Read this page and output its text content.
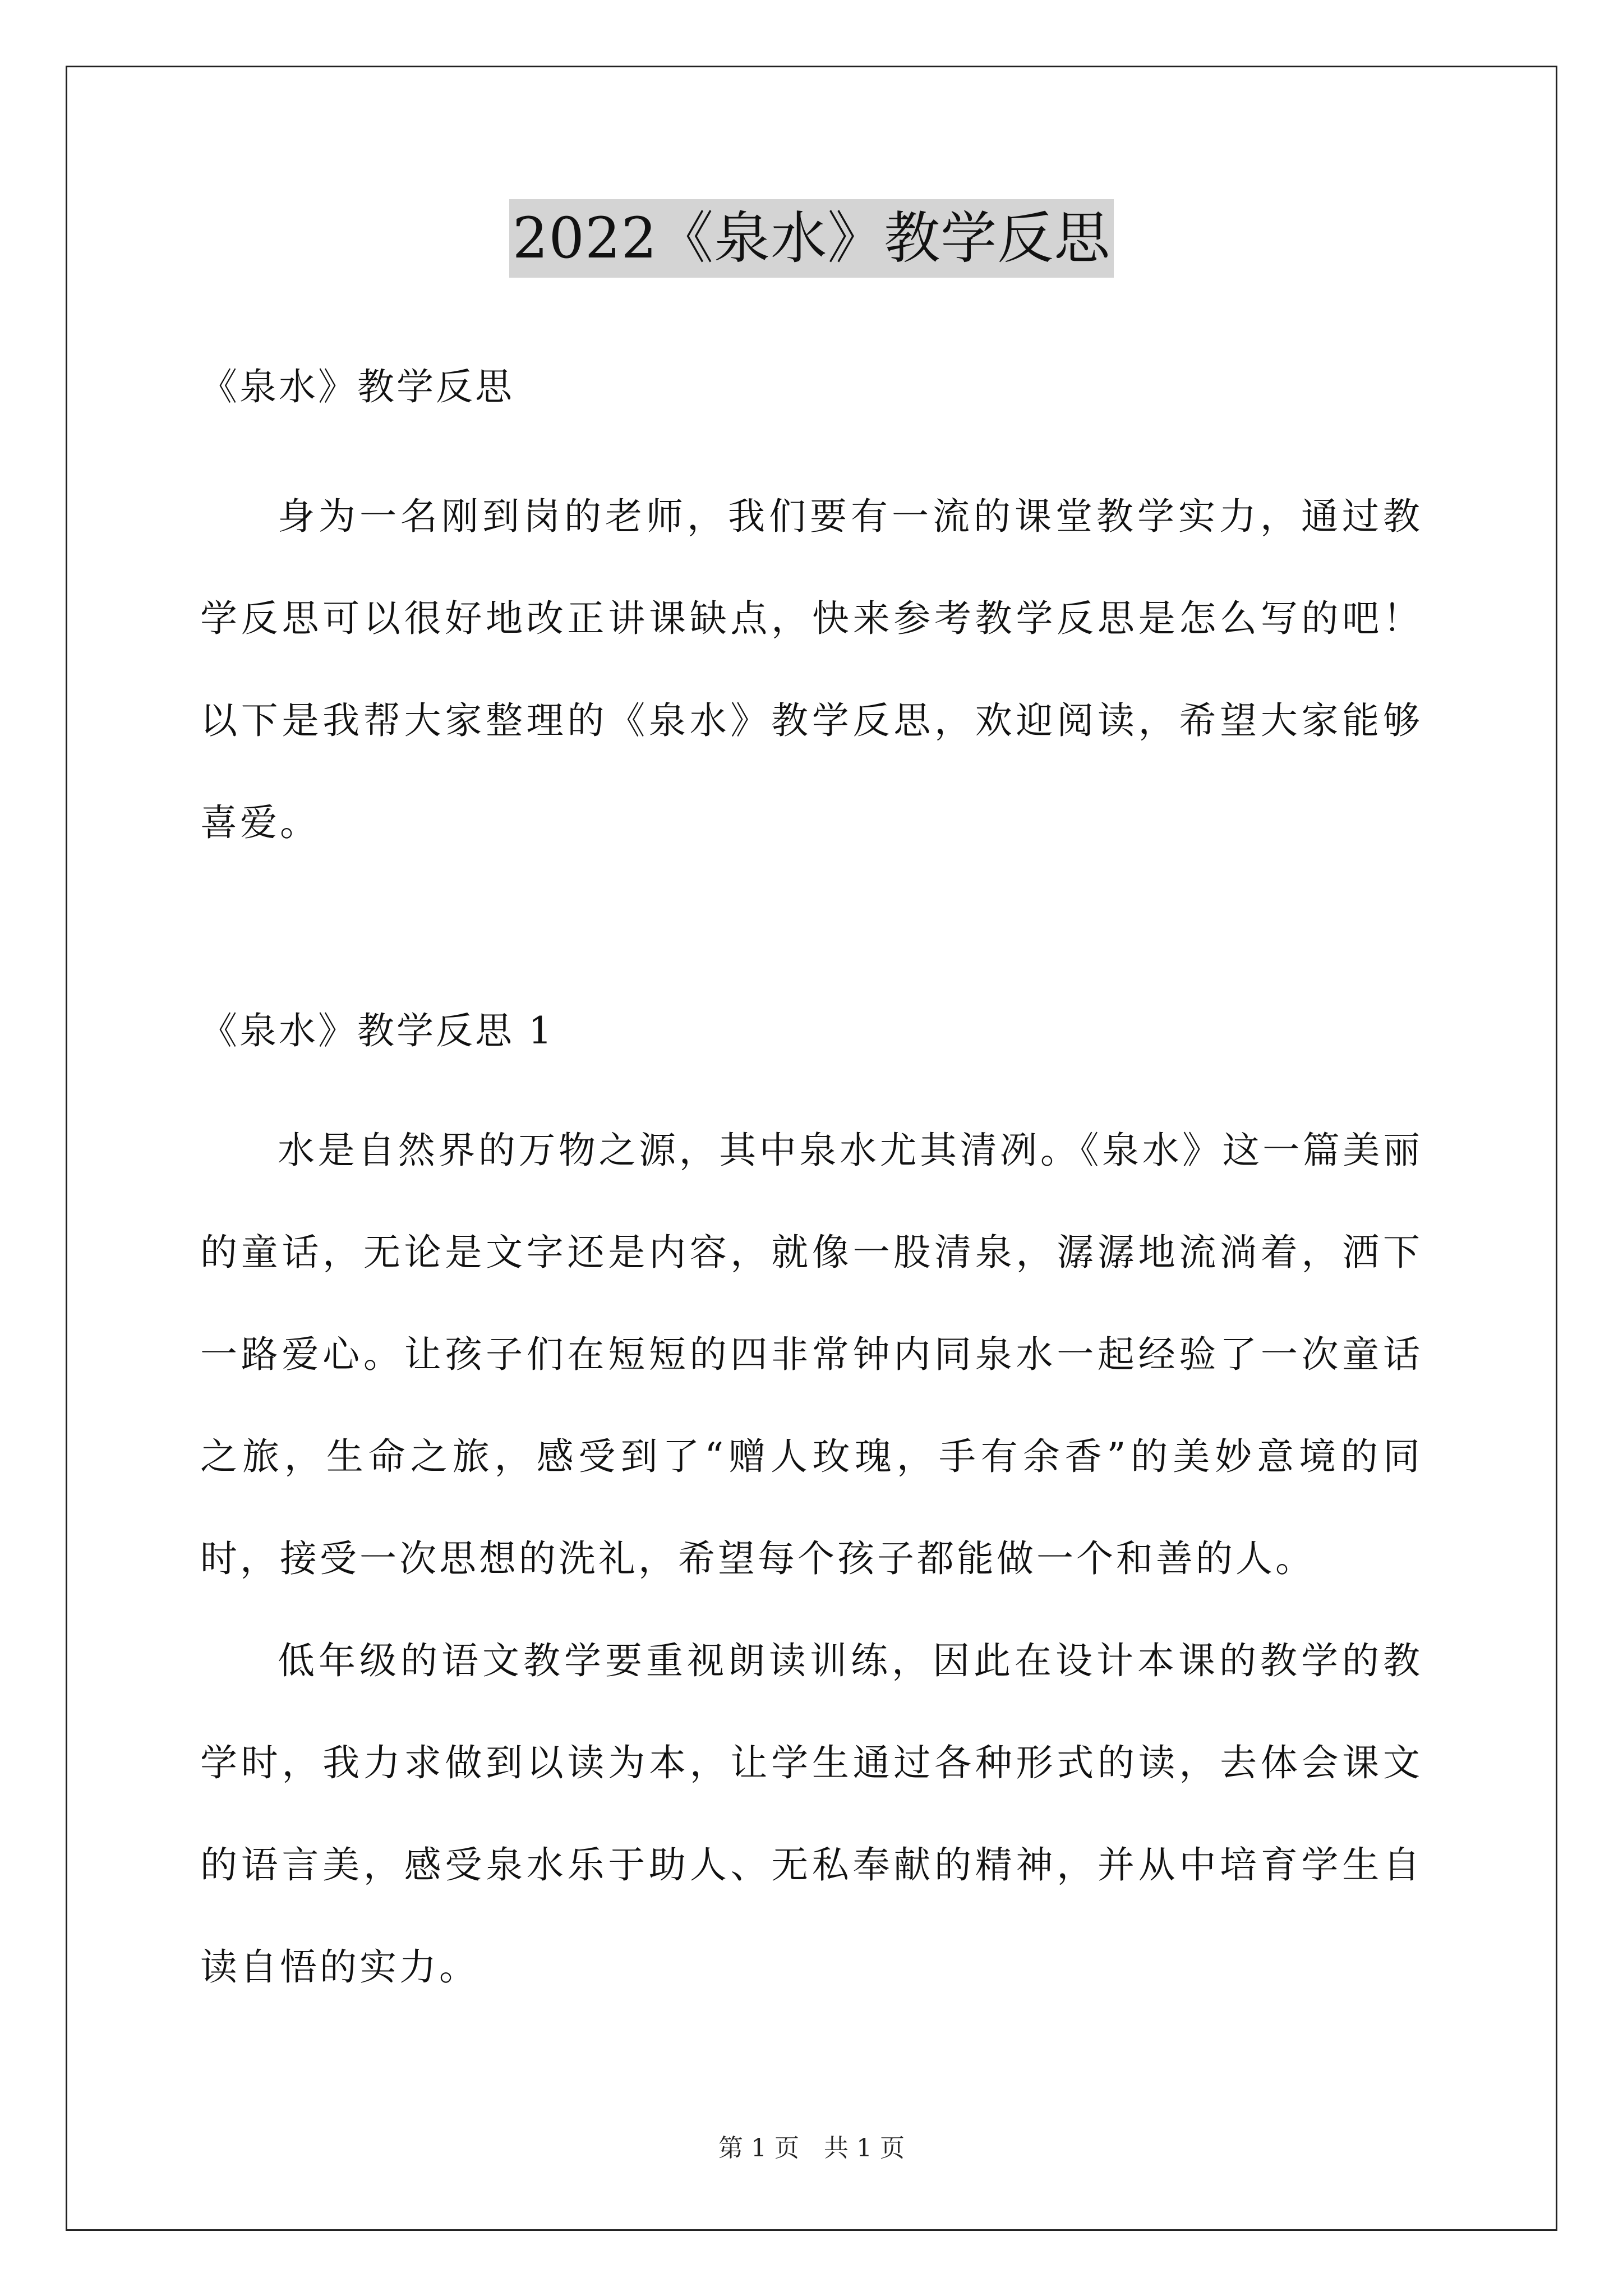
2022《泉水》教学反思

《泉水》教学反思

身为一名刚到岗的老师，我们要有一流的课堂教学实力，通过教学反思可以很好地改正讲课缺点，快来参考教学反思是怎么写的吧！以下是我帮大家整理的《泉水》教学反思，欢迎阅读，希望大家能够喜爱。

《泉水》教学反思 1

水是自然界的万物之源，其中泉水尤其清冽。《泉水》这一篇美丽的童话，无论是文字还是内容，就像一股清泉，潺潺地流淌着，洒下一路爱心。让孩子们在短短的四非常钟内同泉水一起经验了一次童话之旅，生命之旅，感受到了“赠人玫瑰，手有余香”的美妙意境的同时，接受一次思想的洗礼，希望每个孩子都能做一个和善的人。

低年级的语文教学要重视朗读训练，因此在设计本课的教学的教学时，我力求做到以读为本，让学生通过各种形式的读，去体会课文的语言美，感受泉水乐于助人、无私奉献的精神，并从中培育学生自读自悟的实力。

第 1 页　共 1 页
